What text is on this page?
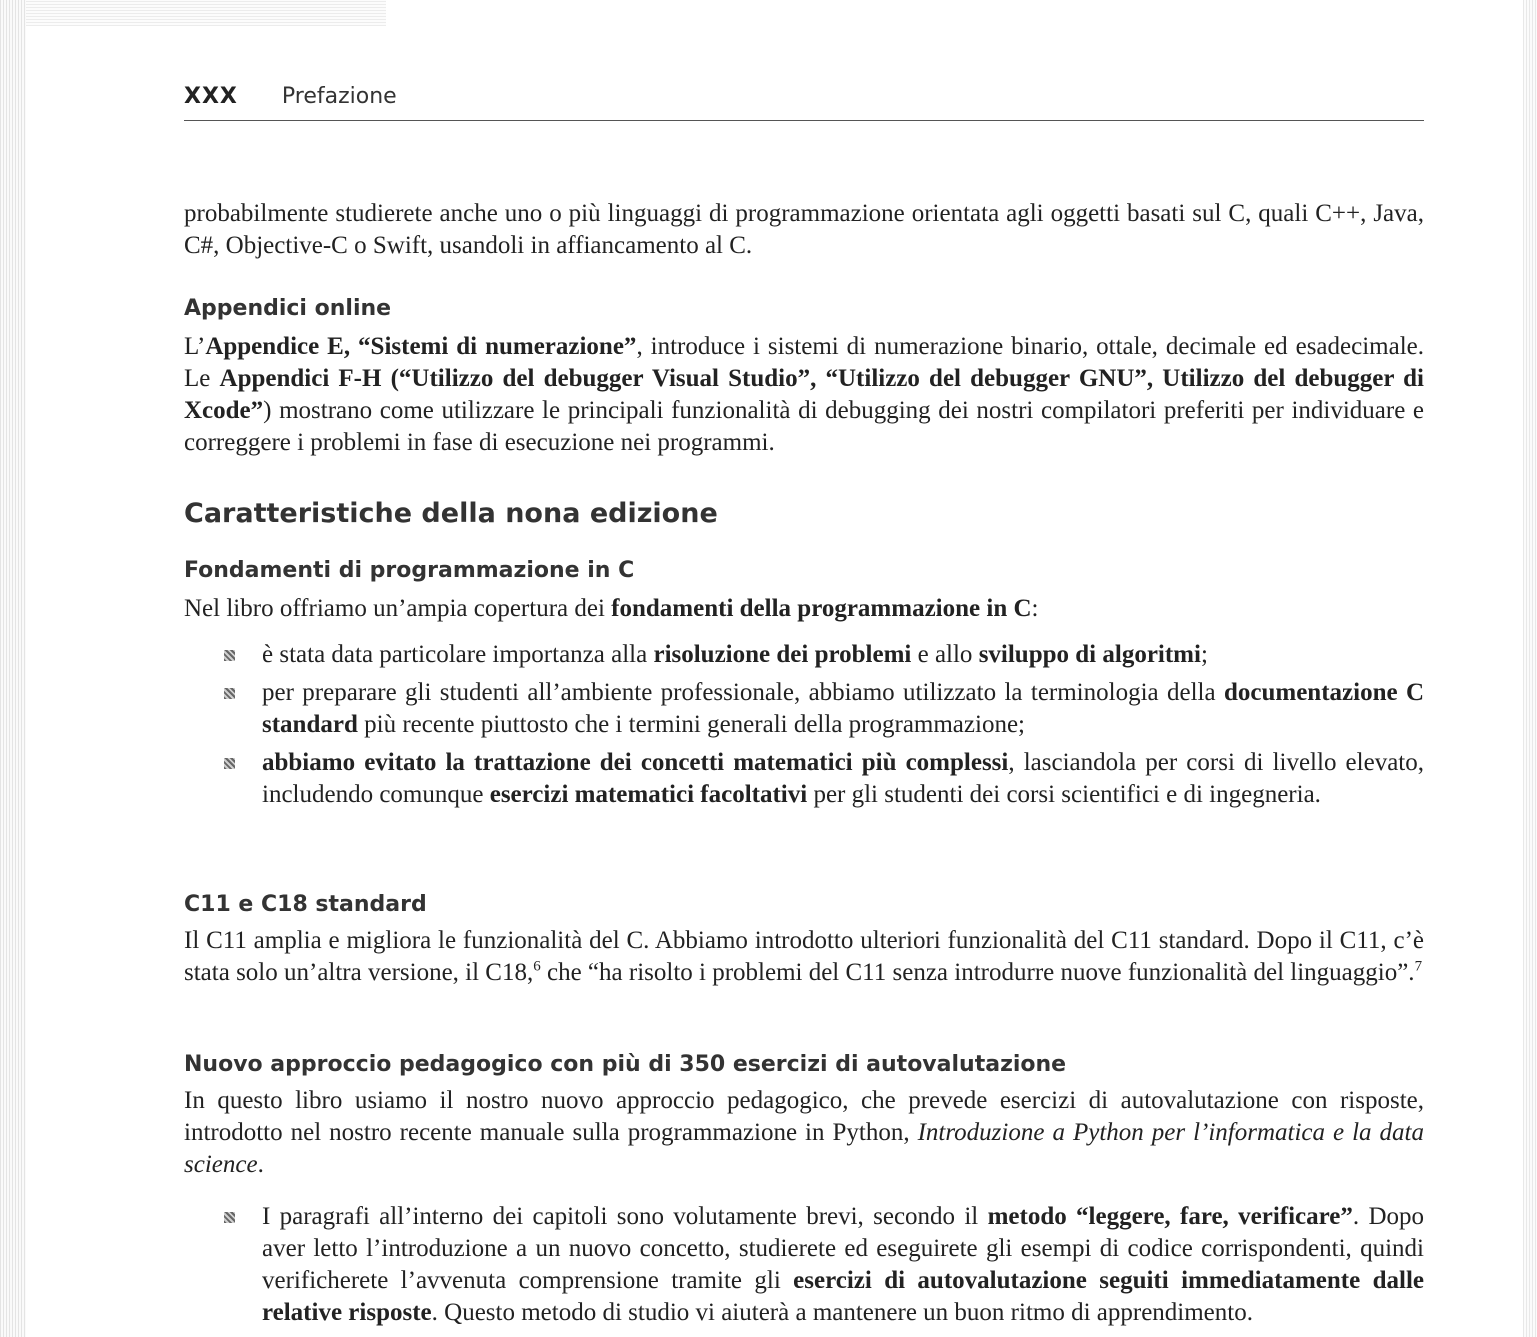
XXX Prefazione

probabilmente studierete anche uno o più linguaggi di programmazione orientata agli oggetti basati sul C, quali C++, Java, C#, Objective-C o Swift, usandoli in affiancamento al C.

Appendici online

L’Appendice E, “Sistemi di numerazione”, introduce i sistemi di numerazione binario, ottale, decimale ed esadecimale. Le Appendici F-H (“Utilizzo del debugger Visual Studio”, “Utilizzo del debugger GNU”, Utilizzo del debugger di Xcode”) mostrano come utilizzare le principali funzionalità di debugging dei nostri compilatori preferiti per individuare e correggere i problemi in fase di esecuzione nei programmi.

Caratteristiche della nona edizione
Fondamenti di programmazione in C

Nel libro offriamo un’ampia copertura dei fondamenti della programmazione in C:

è stata data particolare importanza alla risoluzione dei problemi e allo sviluppo di algoritmi;
per preparare gli studenti all’ambiente professionale, abbiamo utilizzato la terminologia della documentazione C standard più recente piuttosto che i termini generali della programmazione;
abbiamo evitato la trattazione dei concetti matematici più complessi, lasciandola per corsi di livello elevato, includendo comunque esercizi matematici facoltativi per gli studenti dei corsi scientifici e di ingegneria.
C11 e C18 standard

Il C11 amplia e migliora le funzionalità del C. Abbiamo introdotto ulteriori funzionalità del C11 standard. Dopo il C11, c’è stata solo un’altra versione, il C18,$^6$ che “ha risolto i problemi del C11 senza introdurre nuove funzionalità del linguaggio”.$^7$

Nuovo approccio pedagogico con più di 350 esercizi di autovalutazione

In questo libro usiamo il nostro nuovo approccio pedagogico, che prevede esercizi di autovalutazione con risposte, introdotto nel nostro recente manuale sulla programmazione in Python, Introduzione a Python per l’informatica e la data science.

I paragrafi all’interno dei capitoli sono volutamente brevi, secondo il metodo “leggere, fare, verificare”. Dopo aver letto l’introduzione a un nuovo concetto, studierete ed eseguirete gli esempi di codice corrispondenti, quindi verificherete l’avvenuta comprensione tramite gli esercizi di autovalutazione seguiti immediatamente dalle relative risposte. Questo metodo di studio vi aiuterà a mantenere un buon ritmo di apprendimento.
